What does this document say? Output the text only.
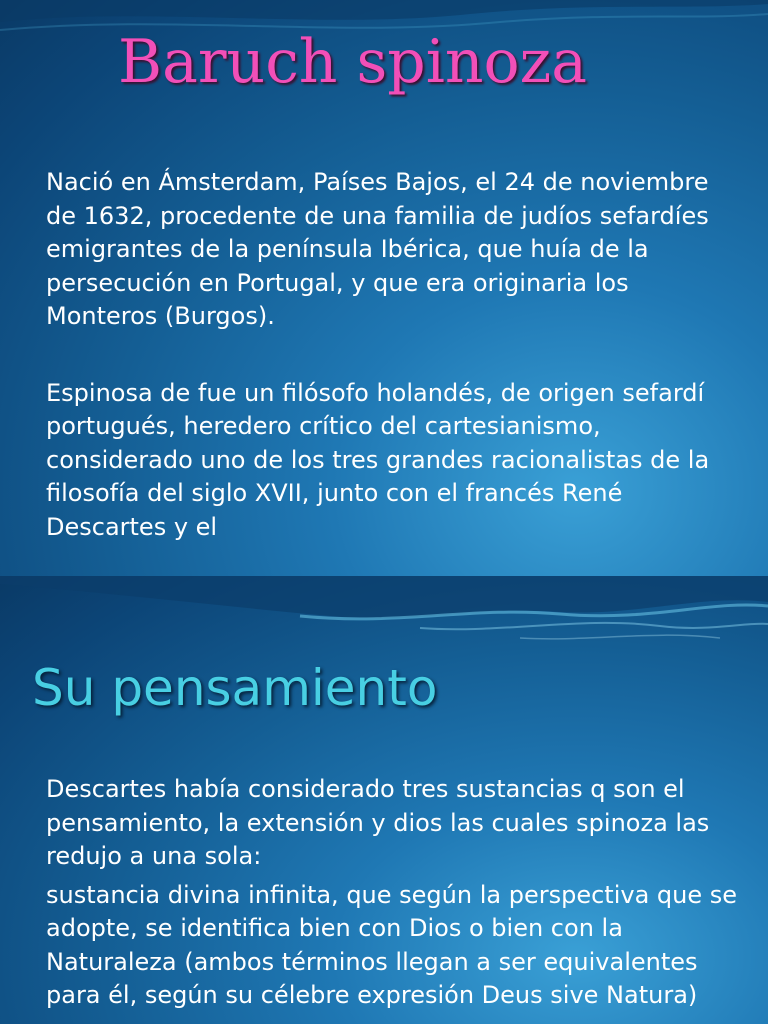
Baruch spinoza

Nació en Ámsterdam, Países Bajos, el 24 de noviembre de 1632, procedente de una familia de judíos sefardíes emigrantes de la península Ibérica, que huía de la persecución en Portugal, y que era originaria los Monteros (Burgos).

Espinosa de fue un filósofo holandés, de origen sefardí portugués, heredero crítico del cartesianismo, considerado uno de los tres grandes racionalistas de la filosofía del siglo XVII, junto con el francés René Descartes y el

Su pensamiento

Descartes había considerado tres sustancias q son el pensamiento, la extensión y dios las cuales spinoza las redujo a una sola:

sustancia divina infinita, que según la perspectiva que se adopte, se identifica bien con Dios o bien con la Naturaleza (ambos términos llegan a ser equivalentes para él, según su célebre expresión Deus sive Natura)
